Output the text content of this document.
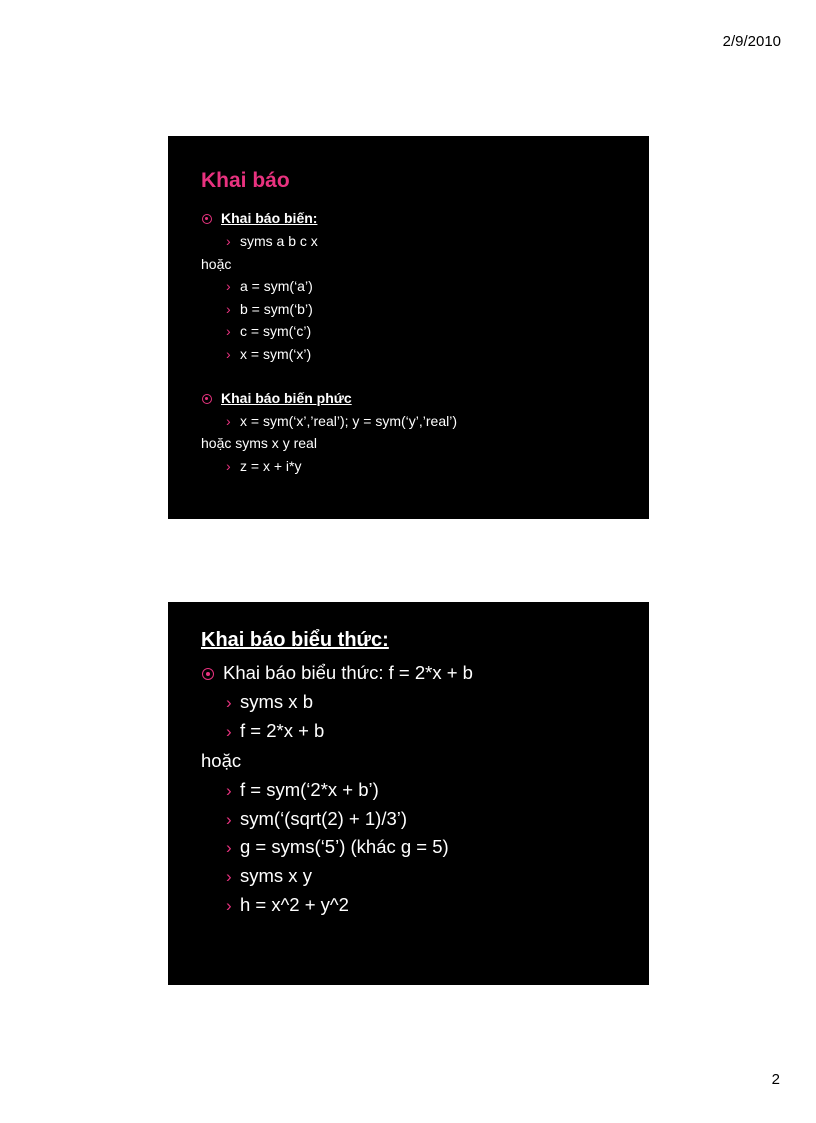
2/9/2010
Khai báo
Khai báo biến:
› syms a b c x
hoặc
› a = sym(‘a’)
› b = sym(‘b’)
› c = sym(‘c’)
› x = sym(‘x’)
Khai báo biến phức
› x = sym(‘x’,’real’); y = sym(‘y’,’real’)
hoặc syms x y real
› z = x + i*y
Khai báo biểu thức:
Khai báo biểu thức: f = 2*x + b
› syms x b
› f = 2*x + b
hoặc
› f = sym(‘2*x + b’)
› sym(‘(sqrt(2) + 1)/3’)
› g = syms(‘5’) (khác g = 5)
› syms x y
› h = x^2 + y^2
2
